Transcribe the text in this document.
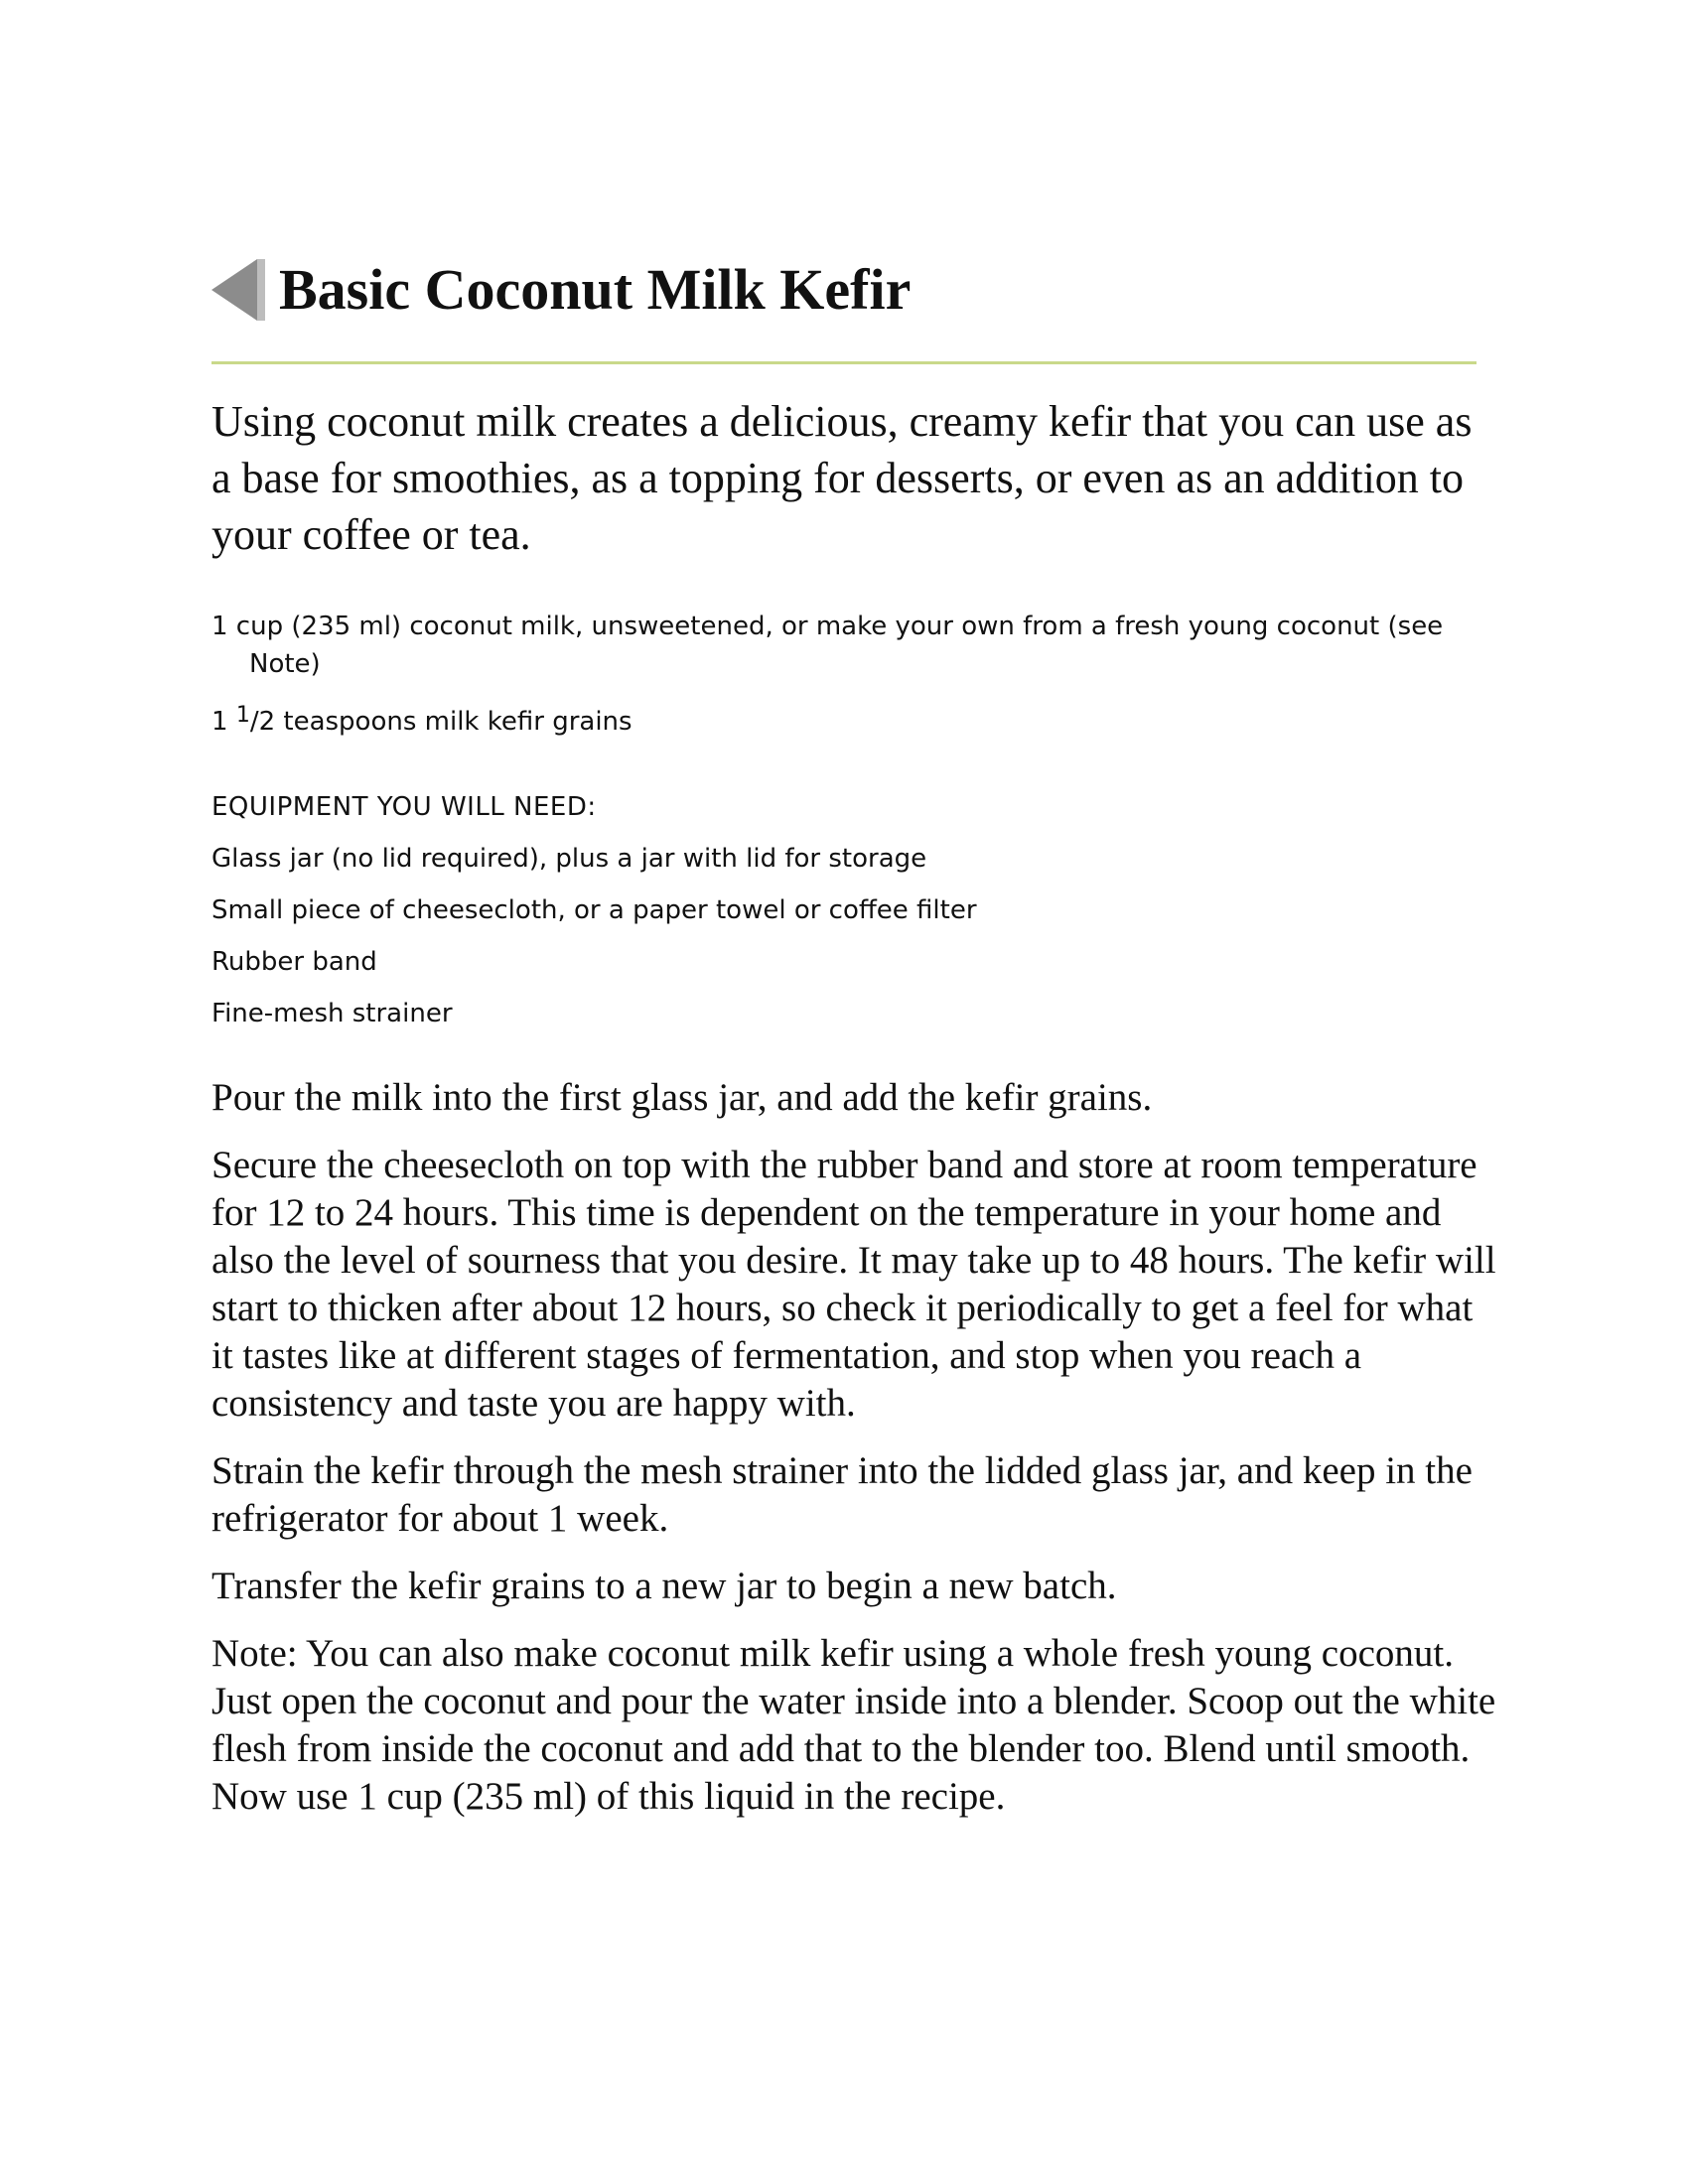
Basic Coconut Milk Kefir

Using coconut milk creates a delicious, creamy kefir that you can use as a base for smoothies, as a topping for desserts, or even as an addition to your coffee or tea.

1 cup (235 ml) coconut milk, unsweetened, or make your own from a fresh young coconut (see Note)

1 $^1$/2 teaspoons milk kefir grains

EQUIPMENT YOU WILL NEED:

Glass jar (no lid required), plus a jar with lid for storage

Small piece of cheesecloth, or a paper towel or coffee filter

Rubber band

Fine-mesh strainer

Pour the milk into the first glass jar, and add the kefir grains.

Secure the cheesecloth on top with the rubber band and store at room temperature for 12 to 24 hours. This time is dependent on the temperature in your home and also the level of sourness that you desire. It may take up to 48 hours. The kefir will start to thicken after about 12 hours, so check it periodically to get a feel for what it tastes like at different stages of fermentation, and stop when you reach a consistency and taste you are happy with.

Strain the kefir through the mesh strainer into the lidded glass jar, and keep in the refrigerator for about 1 week.

Transfer the kefir grains to a new jar to begin a new batch.

Note: You can also make coconut milk kefir using a whole fresh young coconut. Just open the coconut and pour the water inside into a blender. Scoop out the white flesh from inside the coconut and add that to the blender too. Blend until smooth. Now use 1 cup (235 ml) of this liquid in the recipe.
